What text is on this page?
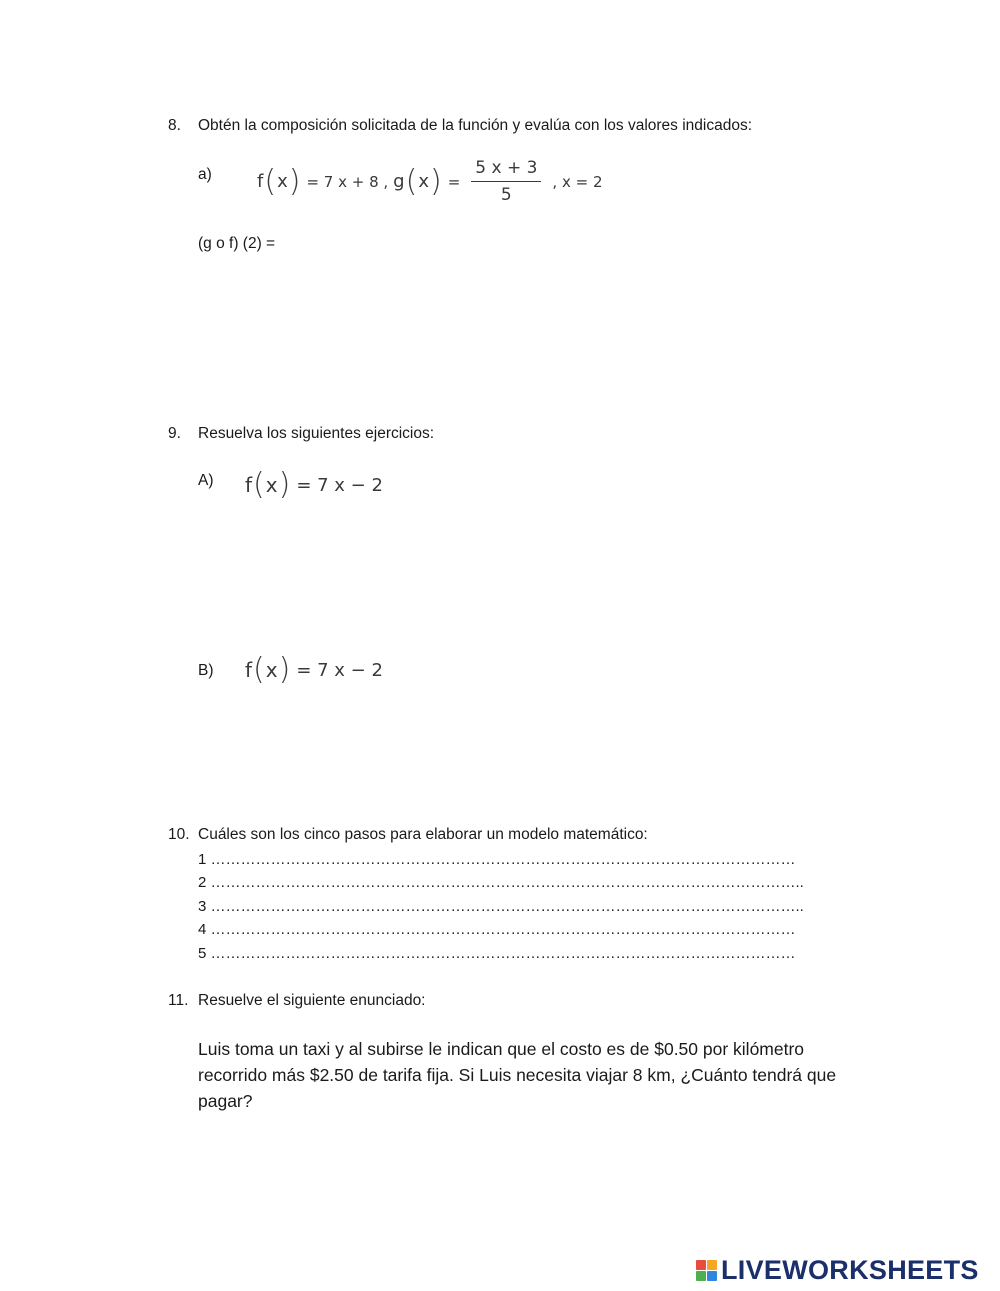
8.	Obtén la composición solicitada de la función y evalúa con los valores indicados:
a)	f ( x ) = 7 x + 8 , g ( x ) = $\frac{5 x + 3}{5}$ , x = 2
(g o f) (2) =
9.	Resuelva los siguientes ejercicios:
A) f ( x ) = 7 x − 2
B) f ( x ) = 7 x − 2
10. Cuáles son los cinco pasos para elaborar un modelo matemático:
1 ………………………………………………………………………………………………………
2 ………………………………………………………………………………………………………..
3 ………………………………………………………………………………………………………..
4 ………………………………………………………………………………………………………
5 ………………………………………………………………………………………………………
11. Resuelve el siguiente enunciado:
Luis toma un taxi y al subirse le indican que el costo es de $0.50 por kilómetro recorrido más $2.50 de tarifa fija. Si Luis necesita viajar 8 km, ¿Cuánto tendrá que pagar?
LIVEWORKSHEETS
